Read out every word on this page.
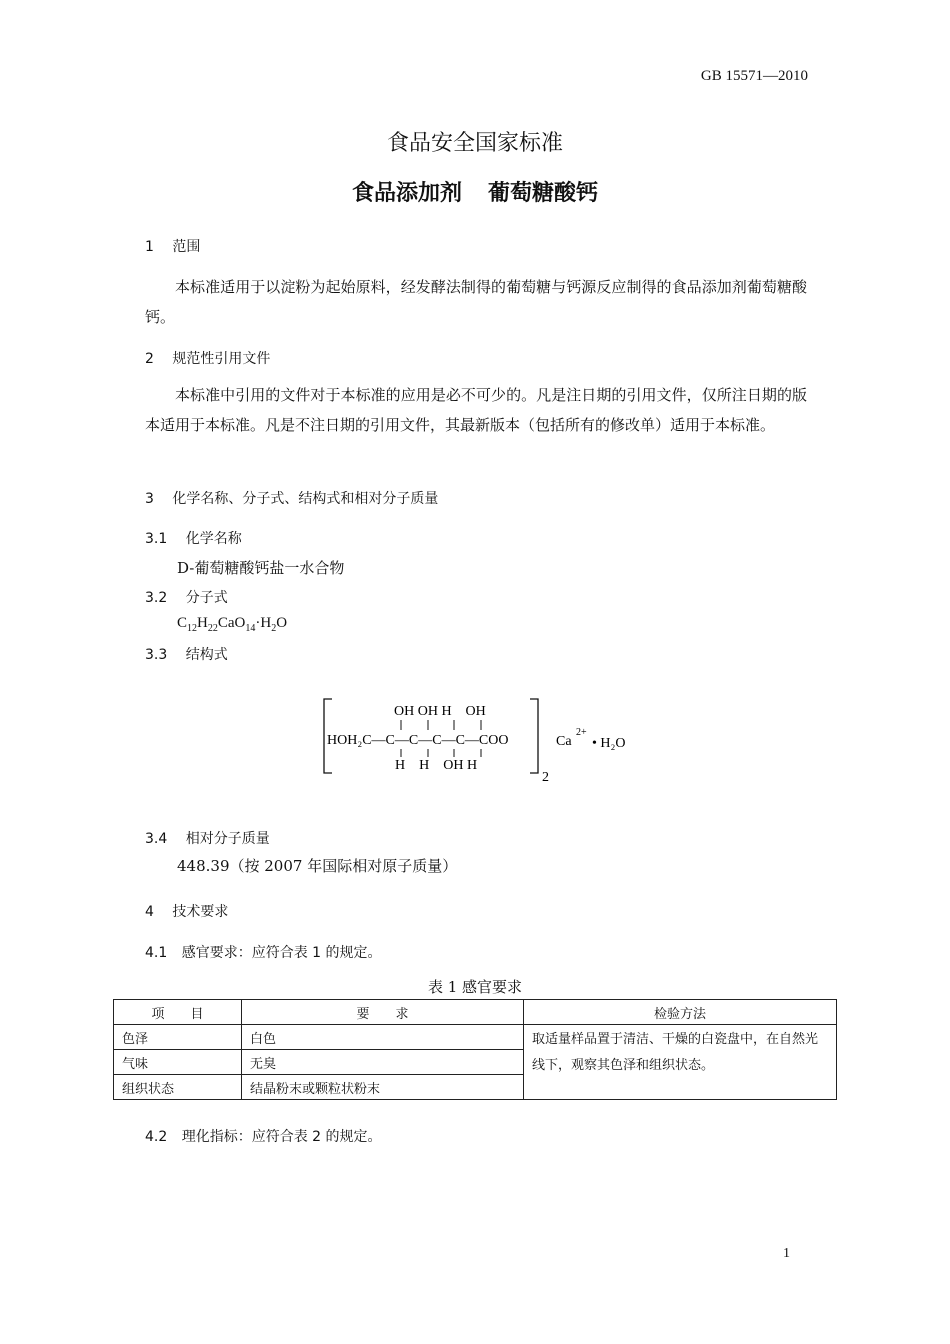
GB 15571—2010
食品安全国家标准
食品添加剂 葡萄糖酸钙
1 范围
本标准适用于以淀粉为起始原料，经发酵法制得的葡萄糖与钙源反应制得的食品添加剂葡萄糖酸钙。
2 规范性引用文件
本标准中引用的文件对于本标准的应用是必不可少的。凡是注日期的引用文件，仅所注日期的版本适用于本标准。凡是不注日期的引用文件，其最新版本（包括所有的修改单）适用于本标准。
3 化学名称、分子式、结构式和相对分子质量
3.1 化学名称
D-葡萄糖酸钙盐一水合物
3.2 分子式
$C_{12}H_{22}CaO_{14}\cdot H_2O$
3.3 结构式
OH OH H    OH
HOH₂C—C—C—C—C—COO
H    H    OH H
2
Ca
2+
• H₂O
3.4 相对分子质量
448.39（按 2007 年国际相对原子质量）
4 技术要求
4.1 感官要求：应符合表 1 的规定。
表 1 感官要求
项　　目	要　　求	检验方法
色泽	白色	取适量样品置于清洁、干燥的白瓷盘中，在自然光线下，观察其色泽和组织状态。
气味	无臭	
组织状态	结晶粉末或颗粒状粉末	
4.2 理化指标：应符合表 2 的规定。
1
